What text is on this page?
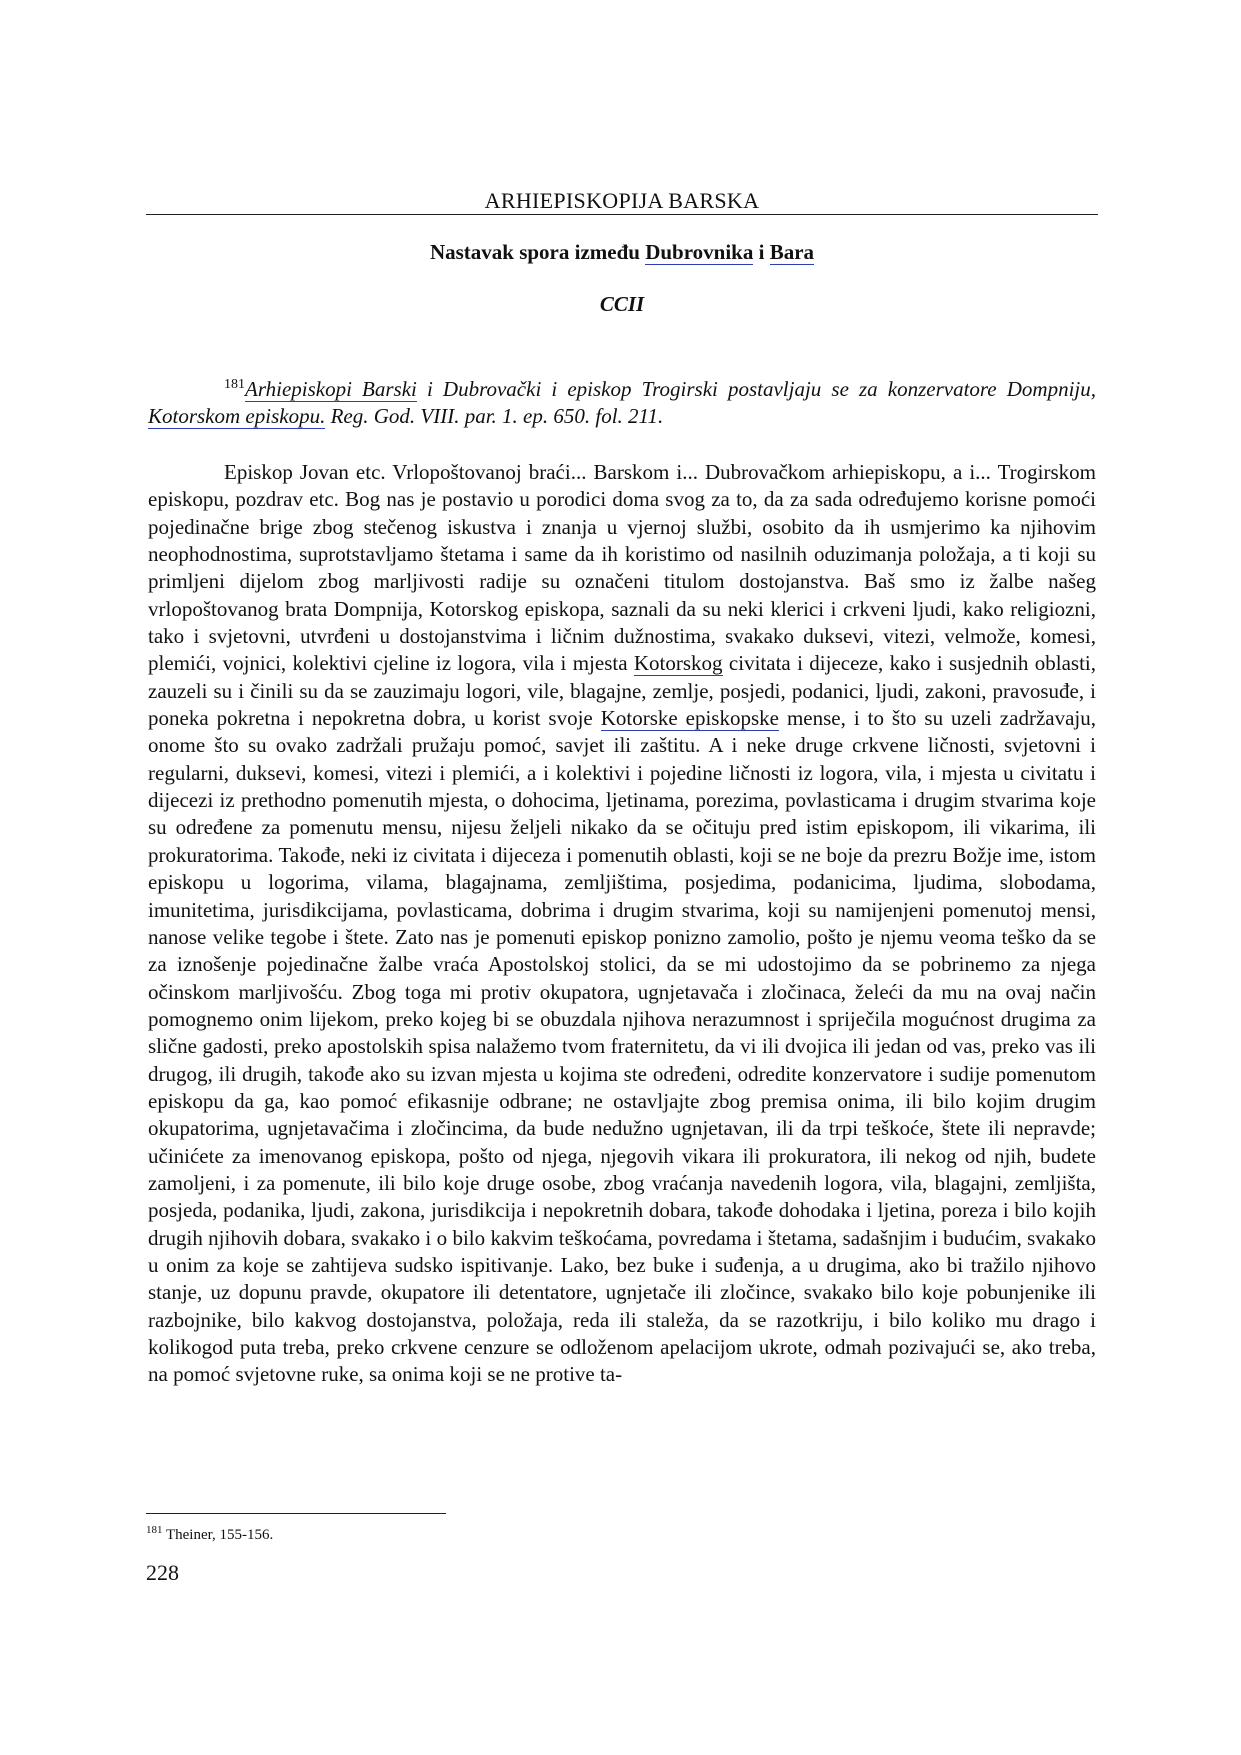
ARHIEPISKOPIJA BARSKA
Nastavak spora između Dubrovnika i Bara
CCII

$^{181}$Arhiepiskopi Barski i Dubrovački i episkop Trogirski postavljaju se za konzervatore Dompniju, Kotorskom episkopu. Reg. God. VIII. par. 1. ep. 650. fol. 211.

Episkop Jovan etc. Vrlopoštovanoj braći... Barskom i... Dubrovačkom arhiepiskopu, a i... Trogirskom episkopu, pozdrav etc. Bog nas je postavio u porodici doma svog za to, da za sada određujemo korisne pomoći pojedinačne brige zbog stečenog iskustva i znanja u vjernoj službi, osobito da ih usmjerimo ka njihovim neophodnostima, suprotstavljamo štetama i same da ih koristimo od nasilnih oduzimanja položaja, a ti koji su primljeni dijelom zbog marljivosti radije su označeni titulom dostojanstva. Baš smo iz žalbe našeg vrlopoštovanog brata Dompnija, Kotorskog episkopa, saznali da su neki klerici i crkveni ljudi, kako religiozni, tako i svjetovni, utvrđeni u dostojanstvima i ličnim dužnostima, svakako duksevi, vitezi, velmože, komesi, plemići, vojnici, kolektivi cjeline iz logora, vila i mjesta Kotorskog civitata i dijeceze, kako i susjednih oblasti, zauzeli su i činili su da se zauzimaju logori, vile, blagajne, zemlje, posjedi, podanici, ljudi, zakoni, pravosuđe, i poneka pokretna i nepokretna dobra, u korist svoje Kotorske episkopske mense, i to što su uzeli zadržavaju, onome što su ovako zadržali pružaju pomoć, savjet ili zaštitu. A i neke druge crkvene ličnosti, svjetovni i regularni, duksevi, komesi, vitezi i plemići, a i kolektivi i pojedine ličnosti iz logora, vila, i mjesta u civitatu i dijecezi iz prethodno pomenutih mjesta, o dohocima, ljetinama, porezima, povlasticama i drugim stvarima koje su određene za pomenutu mensu, nijesu željeli nikako da se očituju pred istim episkopom, ili vikarima, ili prokuratorima. Takođe, neki iz civitata i dijeceza i pomenutih oblasti, koji se ne boje da prezru Božje ime, istom episkopu u logorima, vilama, blagajnama, zemljištima, posjedima, podanicima, ljudima, slobodama, imunitetima, jurisdikcijama, povlasticama, dobrima i drugim stvarima, koji su namijenjeni pomenutoj mensi, nanose velike tegobe i štete. Zato nas je pomenuti episkop ponizno zamolio, pošto je njemu veoma teško da se za iznošenje pojedinačne žalbe vraća Apostolskoj stolici, da se mi udostojimo da se pobrinemo za njega očinskom marljivošću. Zbog toga mi protiv okupatora, ugnjetavača i zločinaca, želeći da mu na ovaj način pomognemo onim lijekom, preko kojeg bi se obuzdala njihova nerazumnost i spriječila mogućnost drugima za slične gadosti, preko apostolskih spisa nalažemo tvom fraternitetu, da vi ili dvojica ili jedan od vas, preko vas ili drugog, ili drugih, takođe ako su izvan mjesta u kojima ste određeni, odredite konzervatore i sudije pomenutom episkopu da ga, kao pomoć efikasnije odbrane; ne ostavljajte zbog premisa onima, ili bilo kojim drugim okupatorima, ugnjetavačima i zločincima, da bude nedužno ugnjetavan, ili da trpi teškoće, štete ili nepravde; učinićete za imenovanog episkopa, pošto od njega, njegovih vikara ili prokuratora, ili nekog od njih, budete zamoljeni, i za pomenute, ili bilo koje druge osobe, zbog vraćanja navedenih logora, vila, blagajni, zemljišta, posjeda, podanika, ljudi, zakona, jurisdikcija i nepokretnih dobara, takođe dohodaka i ljetina, poreza i bilo kojih drugih njihovih dobara, svakako i o bilo kakvim teškoćama, povredama i štetama, sadašnjim i budućim, svakako u onim za koje se zahtijeva sudsko ispitivanje. Lako, bez buke i suđenja, a u drugima, ako bi tražilo njihovo stanje, uz dopunu pravde, okupatore ili detentatore, ugnjetače ili zločince, svakako bilo koje pobunjenike ili razbojnike, bilo kakvog dostojanstva, položaja, reda ili staleža, da se razotkriju, i bilo koliko mu drago i kolikogod puta treba, preko crkvene cenzure se odloženom apelacijom ukrote, odmah pozivajući se, ako treba, na pomoć svjetovne ruke, sa onima koji se ne protive ta-

$^{181}$ Theiner, 155-156.
228
